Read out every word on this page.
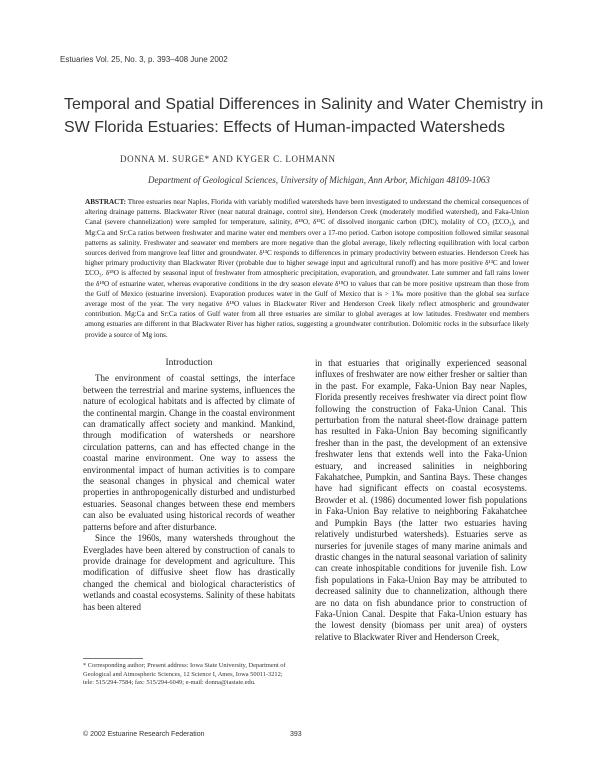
Estuaries Vol. 25, No. 3, p. 393–408 June 2002
Temporal and Spatial Differences in Salinity and Water Chemistry in SW Florida Estuaries: Effects of Human-impacted Watersheds
DONNA M. SURGE* AND KYGER C. LOHMANN
Department of Geological Sciences, University of Michigan, Ann Arbor, Michigan 48109-1063
ABSTRACT: Three estuaries near Naples, Florida with variably modified watersheds have been investigated to understand the chemical consequences of altering drainage patterns. Blackwater River (near natural drainage, control site), Henderson Creek (moderately modified watershed), and Faka-Union Canal (severe channelization) were sampled for temperature, salinity, δ¹⁸O, δ¹³C of dissolved inorganic carbon (DIC), molality of CO₃ (ΣCO₃), and Mg:Ca and Sr:Ca ratios between freshwater and marine water end members over a 17-mo period. Carbon isotope composition followed similar seasonal patterns as salinity. Freshwater and seawater end members are more negative than the global average, likely reflecting equilibration with local carbon sources derived from mangrove leaf litter and groundwater. δ¹³C responds to differences in primary productivity between estuaries. Henderson Creek has higher primary productivity than Blackwater River (probable due to higher sewage input and agricultural runoff) and has more positive δ¹³C and lower ΣCO₃. δ¹⁸O is affected by seasonal input of freshwater from atmospheric precipitation, evaporation, and groundwater. Late summer and fall rains lower the δ¹⁸O of estuarine water, whereas evaporative conditions in the dry season elevate δ¹⁸O to values that can be more positive upstream than those from the Gulf of Mexico (estuarine inversion). Evaporation produces water in the Gulf of Mexico that is > 1‰ more positive than the global sea surface average most of the year. The very negative δ¹⁸O values in Blackwater River and Henderson Creek likely reflect atmospheric and groundwater contribution. Mg:Ca and Sr:Ca ratios of Gulf water from all three estuaries are similar to global averages at low latitudes. Freshwater end members among estuaries are different in that Blackwater River has higher ratios, suggesting a groundwater contribution. Dolomitic rocks in the subsurface likely provide a source of Mg ions.
Introduction

The environment of coastal settings, the interface between the terrestrial and marine systems, influences the nature of ecological habitats and is affected by climate of the continental margin. Change in the coastal environment can dramatically affect society and mankind. Mankind, through modification of watersheds or nearshore circulation patterns, can and has effected change in the coastal marine environment. One way to assess the environmental impact of human activities is to compare the seasonal changes in physical and chemical water properties in anthropogenically disturbed and undisturbed estuaries. Seasonal changes between these end members can also be evaluated using historical records of weather patterns before and after disturbance.

Since the 1960s, many watersheds throughout the Everglades have been altered by construction of canals to provide drainage for development and agriculture. This modification of diffusive sheet flow has drastically changed the chemical and biological characteristics of wetlands and coastal ecosystems. Salinity of these habitats has been altered

in that estuaries that originally experienced seasonal influxes of freshwater are now either fresher or saltier than in the past. For example, Faka-Union Bay near Naples, Florida presently receives freshwater via direct point flow following the construction of Faka-Union Canal. This perturbation from the natural sheet-flow drainage pattern has resulted in Faka-Union Bay becoming significantly fresher than in the past, the development of an extensive freshwater lens that extends well into the Faka-Union estuary, and increased salinities in neighboring Fakahatchee, Pumpkin, and Santina Bays. These changes have had significant effects on coastal ecosystems. Browder et al. (1986) documented lower fish populations in Faka-Union Bay relative to neighboring Fakahatchee and Pumpkin Bays (the latter two estuaries having relatively undisturbed watersheds). Estuaries serve as nurseries for juvenile stages of many marine animals and drastic changes in the natural seasonal variation of salinity can create inhospitable conditions for juvenile fish. Low fish populations in Faka-Union Bay may be attributed to decreased salinity due to channelization, although there are no data on fish abundance prior to construction of Faka-Union Canal. Despite that Faka-Union estuary has the lowest density (biomass per unit area) of oysters relative to Blackwater River and Henderson Creek,

* Corresponding author; Present address: Iowa State University, Department of Geological and Atmospheric Sciences, 12 Science I, Ames, Iowa 50011-3212; tele: 515/294-7584; fax: 515/294-6049; e-mail: donna@iastate.edu.
© 2002 Estuarine Research Federation	393
